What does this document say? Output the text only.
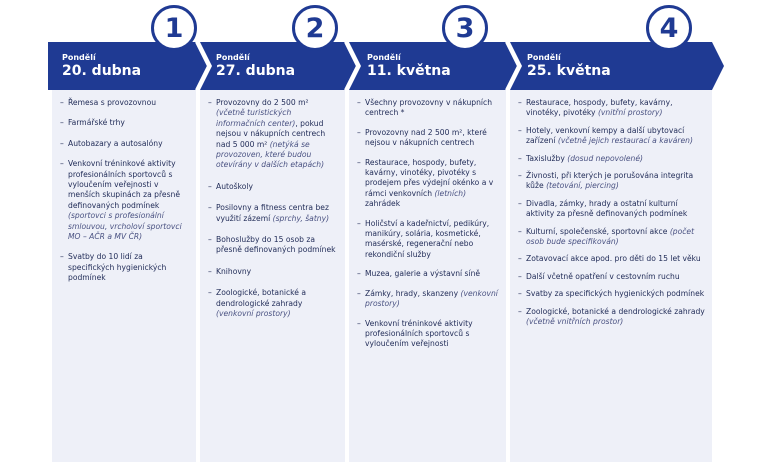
1	2	3	4
Pondělí
20. dubna
Pondělí
27. dubna
Pondělí
11. května
Pondělí
25. května
– Řemesa s provozovnou
– Farmářské trhy
– Autobazary a autosalóny
– Venkovní tréninkové aktivity profesionálních sportovců s vyloučením veřejnosti v menších skupinách za přesně definovaných podmínek (sportovci s profesionální smlouvou, vrcholoví sportovci MO – AČR a MV ČR)
– Svatby do 10 lidí za specifických hygienických podmínek
– Provozovny do 2 500 m² (včetně turistických informačních center), pokud nejsou v nákupních centrech nad 5 000 m² (netýká se provozoven, které budou otevírány v dalších etapách)
– Autoškoly
– Posilovny a fitness centra bez využití zázemí (sprchy, šatny)
– Bohoslužby do 15 osob za přesně definovaných podmínek
– Knihovny
– Zoologické, botanické a dendrologické zahrady (venkovní prostory)
– Všechny provozovny v nákupních centrech *
– Provozovny nad 2 500 m², které nejsou v nákupních centrech
– Restaurace, hospody, bufety, kavárny, vinotéky, pivotéky s prodejem přes výdejní okénko a v rámci venkovních (letních) zahrádek
– Holičství a kadeřnictví, pedikúry, manikúry, solária, kosmetické, masérské, regenerační nebo rekondiční služby
– Muzea, galerie a výstavní síně
– Zámky, hrady, skanzeny (venkovní prostory)
– Venkovní tréninkové aktivity profesionálních sportovců s vyloučením veřejnosti
– Restaurace, hospody, bufety, kavárny, vinotéky, pivotéky (vnitřní prostory)
– Hotely, venkovní kempy a další ubytovací zařízení (včetně jejich restaurací a kaváren)
– Taxislužby (dosud nepovolené)
– Živnosti, při kterých je porušována integrita kůže (tetování, piercing)
– Divadla, zámky, hrady a ostatní kulturní aktivity za přesně definovaných podmínek
– Kulturní, společenské, sportovní akce (počet osob bude specifikován)
– Zotavovací akce apod. pro děti do 15 let věku
– Další včetně opatření v cestovním ruchu
– Svatby za specifických hygienických podmínek
– Zoologické, botanické a dendrologické zahrady (včetně vnitřních prostor)
